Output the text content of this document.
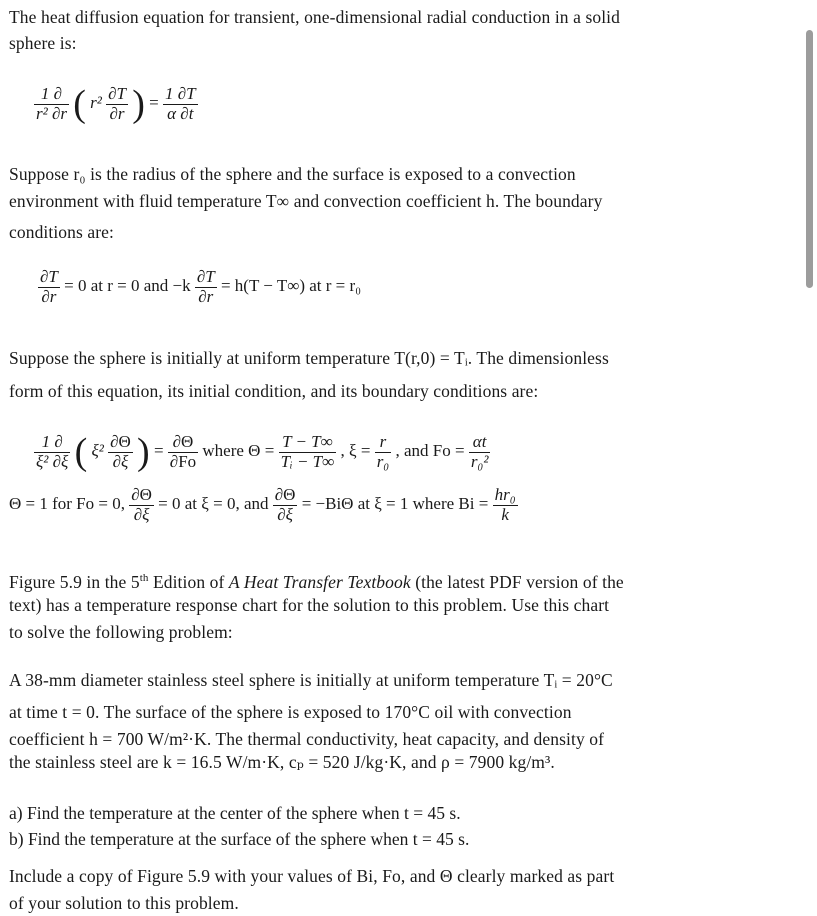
The heat diffusion equation for transient, one-dimensional radial conduction in a solid

sphere is:

$\frac{1 \partial}{\text{r² ∂r}}$ ( $r^2 \frac{\partial T}{\partial r}$ ) = $\frac{1 \partial T}{\alpha \partial t}$

Suppose r₀ is the radius of the sphere and the surface is exposed to a convection

environment with fluid temperature T∞ and convection coefficient h. The boundary

conditions are:

$\frac{\partial T}{\partial r} = 0$ at r = 0 and $-k \frac{\partial T}{\partial r} = h(T - T\infty)$ at r = r₀

Suppose the sphere is initially at uniform temperature T(r,0) = Tᵢ. The dimensionless

form of this equation, its initial condition, and its boundary conditions are:

$\frac{1 \partial}{\text{ξ² ∂ξ}}$ ( $\xi^2 \frac{\partial\Theta}{\partial\xi}$ ) = $\frac{\partial\Theta}{\partial Fo}$ where $\Theta = \frac{T - T\infty}{\text{Tᵢ − T∞}}$ , $\xi = \frac{r}{\text{r₀}}$ , and $Fo = \frac{\alpha t}{\text{r₀²}}$
Θ = 1 for Fo = 0, $\frac{\partial\Theta}{\partial\xi} = 0$ at ξ = 0, and $\frac{\partial\Theta}{\partial\xi} = -Bi\Theta$ at ξ = 1 where $Bi = \frac{\text{hr₀}}{k}$

Figure 5.9 in the 5th Edition of A Heat Transfer Textbook (the latest PDF version of the

text) has a temperature response chart for the solution to this problem. Use this chart

to solve the following problem:

A 38-mm diameter stainless steel sphere is initially at uniform temperature Tᵢ = 20°C

at time t = 0. The surface of the sphere is exposed to 170°C oil with convection

coefficient h = 700 W/m²·K. The thermal conductivity, heat capacity, and density of

the stainless steel are k = 16.5 W/m·K, cₚ = 520 J/kg·K, and ρ = 7900 kg/m³.

a) Find the temperature at the center of the sphere when t = 45 s.

b) Find the temperature at the surface of the sphere when t = 45 s.

Include a copy of Figure 5.9 with your values of Bi, Fo, and Θ clearly marked as part

of your solution to this problem.
